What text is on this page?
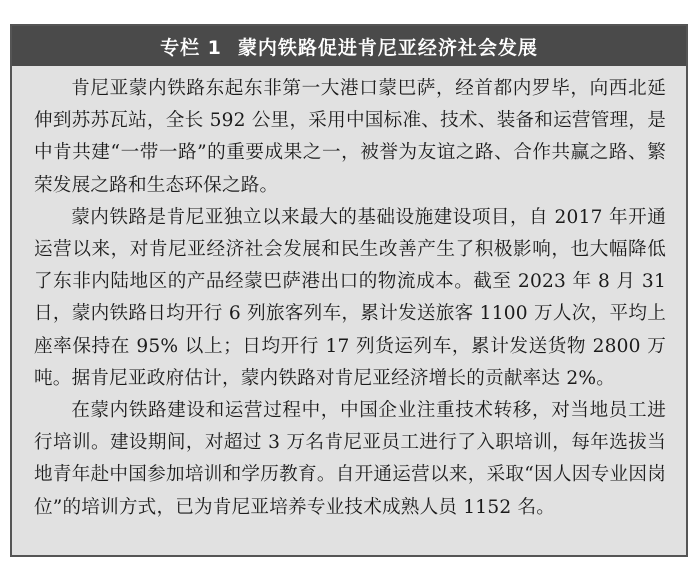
专栏 1 蒙内铁路促进肯尼亚经济社会发展

肯尼亚蒙内铁路东起东非第一大港口蒙巴萨，经首都内罗毕，向西北延伸到苏苏瓦站，全长 592 公里，采用中国标准、技术、装备和运营管理，是中肯共建“一带一路”的重要成果之一，被誉为友谊之路、合作共赢之路、繁荣发展之路和生态环保之路。

蒙内铁路是肯尼亚独立以来最大的基础设施建设项目，自 2017 年开通运营以来，对肯尼亚经济社会发展和民生改善产生了积极影响，也大幅降低了东非内陆地区的产品经蒙巴萨港出口的物流成本。截至 2023 年 8 月 31 日，蒙内铁路日均开行 6 列旅客列车，累计发送旅客 1100 万人次，平均上座率保持在 95% 以上；日均开行 17 列货运列车，累计发送货物 2800 万吨。据肯尼亚政府估计，蒙内铁路对肯尼亚经济增长的贡献率达 2%。

在蒙内铁路建设和运营过程中，中国企业注重技术转移，对当地员工进行培训。建设期间，对超过 3 万名肯尼亚员工进行了入职培训，每年选拔当地青年赴中国参加培训和学历教育。自开通运营以来，采取“因人因专业因岗位”的培训方式，已为肯尼亚培养专业技术成熟人员 1152 名。
